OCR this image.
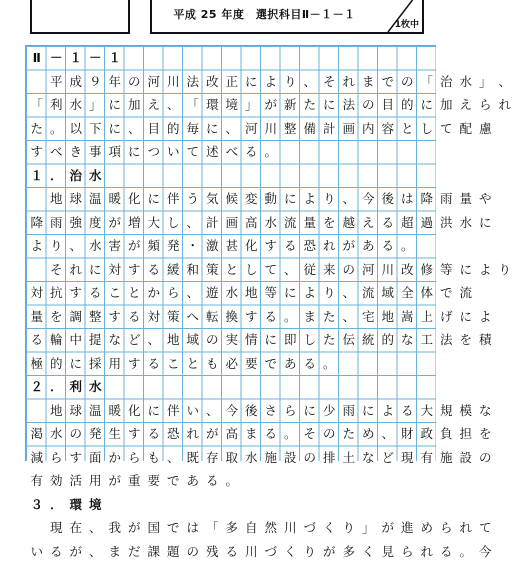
平成 25 年度　選択科目Ⅱ－１－１
1枚中
Ⅱ － １ － １
平 成 ９ 年 の 河 川 法 改 正 に よ り 、 そ れ ま で の 「 治 水 」 、
「 利 水 」 に 加 え 、 「 環 境 」 が 新 た に 法 の 目 的 に 加 え ら れ
た 。 以 下 に 、 目 的 毎 に 、 河 川 整 備 計 画 内 容 と し て 配 慮
す べ き 事 項 に つ い て 述 べ る 。
１ ． 治 水
地 球 温 暖 化 に 伴 う 気 候 変 動 に よ り 、 今 後 は 降 雨 量 や
降 雨 強 度 が 増 大 し 、 計 画 高 水 流 量 を 越 え る 超 過 洪 水 に
よ り 、 水 害 が 頻 発 ・ 激 甚 化 す る 恐 れ が あ る 。
そ れ に 対 す る 緩 和 策 と し て 、 従 来 の 河 川 改 修 等 に よ り
対 抗 す る こ と か ら 、 遊 水 地 等 に よ り 、 流 域 全 体 で 流
量 を 調 整 す る 対 策 へ 転 換 す る 。 ま た 、 宅 地 嵩 上 げ に よ
る 輪 中 提 な ど 、 地 域 の 実 情 に 即 し た 伝 統 的 な 工 法 を 積
極 的 に 採 用 す る こ と も 必 要 で あ る 。
２ ． 利 水
地 球 温 暖 化 に 伴 い 、 今 後 さ ら に 少 雨 に よ る 大 規 模 な
渇 水 の 発 生 す る 恐 れ が 高 ま る 。 そ の た め 、 財 政 負 担 を
減 ら す 面 か ら も 、 既 存 取 水 施 設 の 排 土 な ど 現 有 施 設 の
有 効 活 用 が 重 要 で あ る 。
３ ． 環 境
現 在 、 我 が 国 で は 「 多 自 然 川 づ く り 」 が 進 め ら れ て
い る が 、 ま だ 課 題 の 残 る 川 づ く り が 多 く 見 ら れ る 。 今
